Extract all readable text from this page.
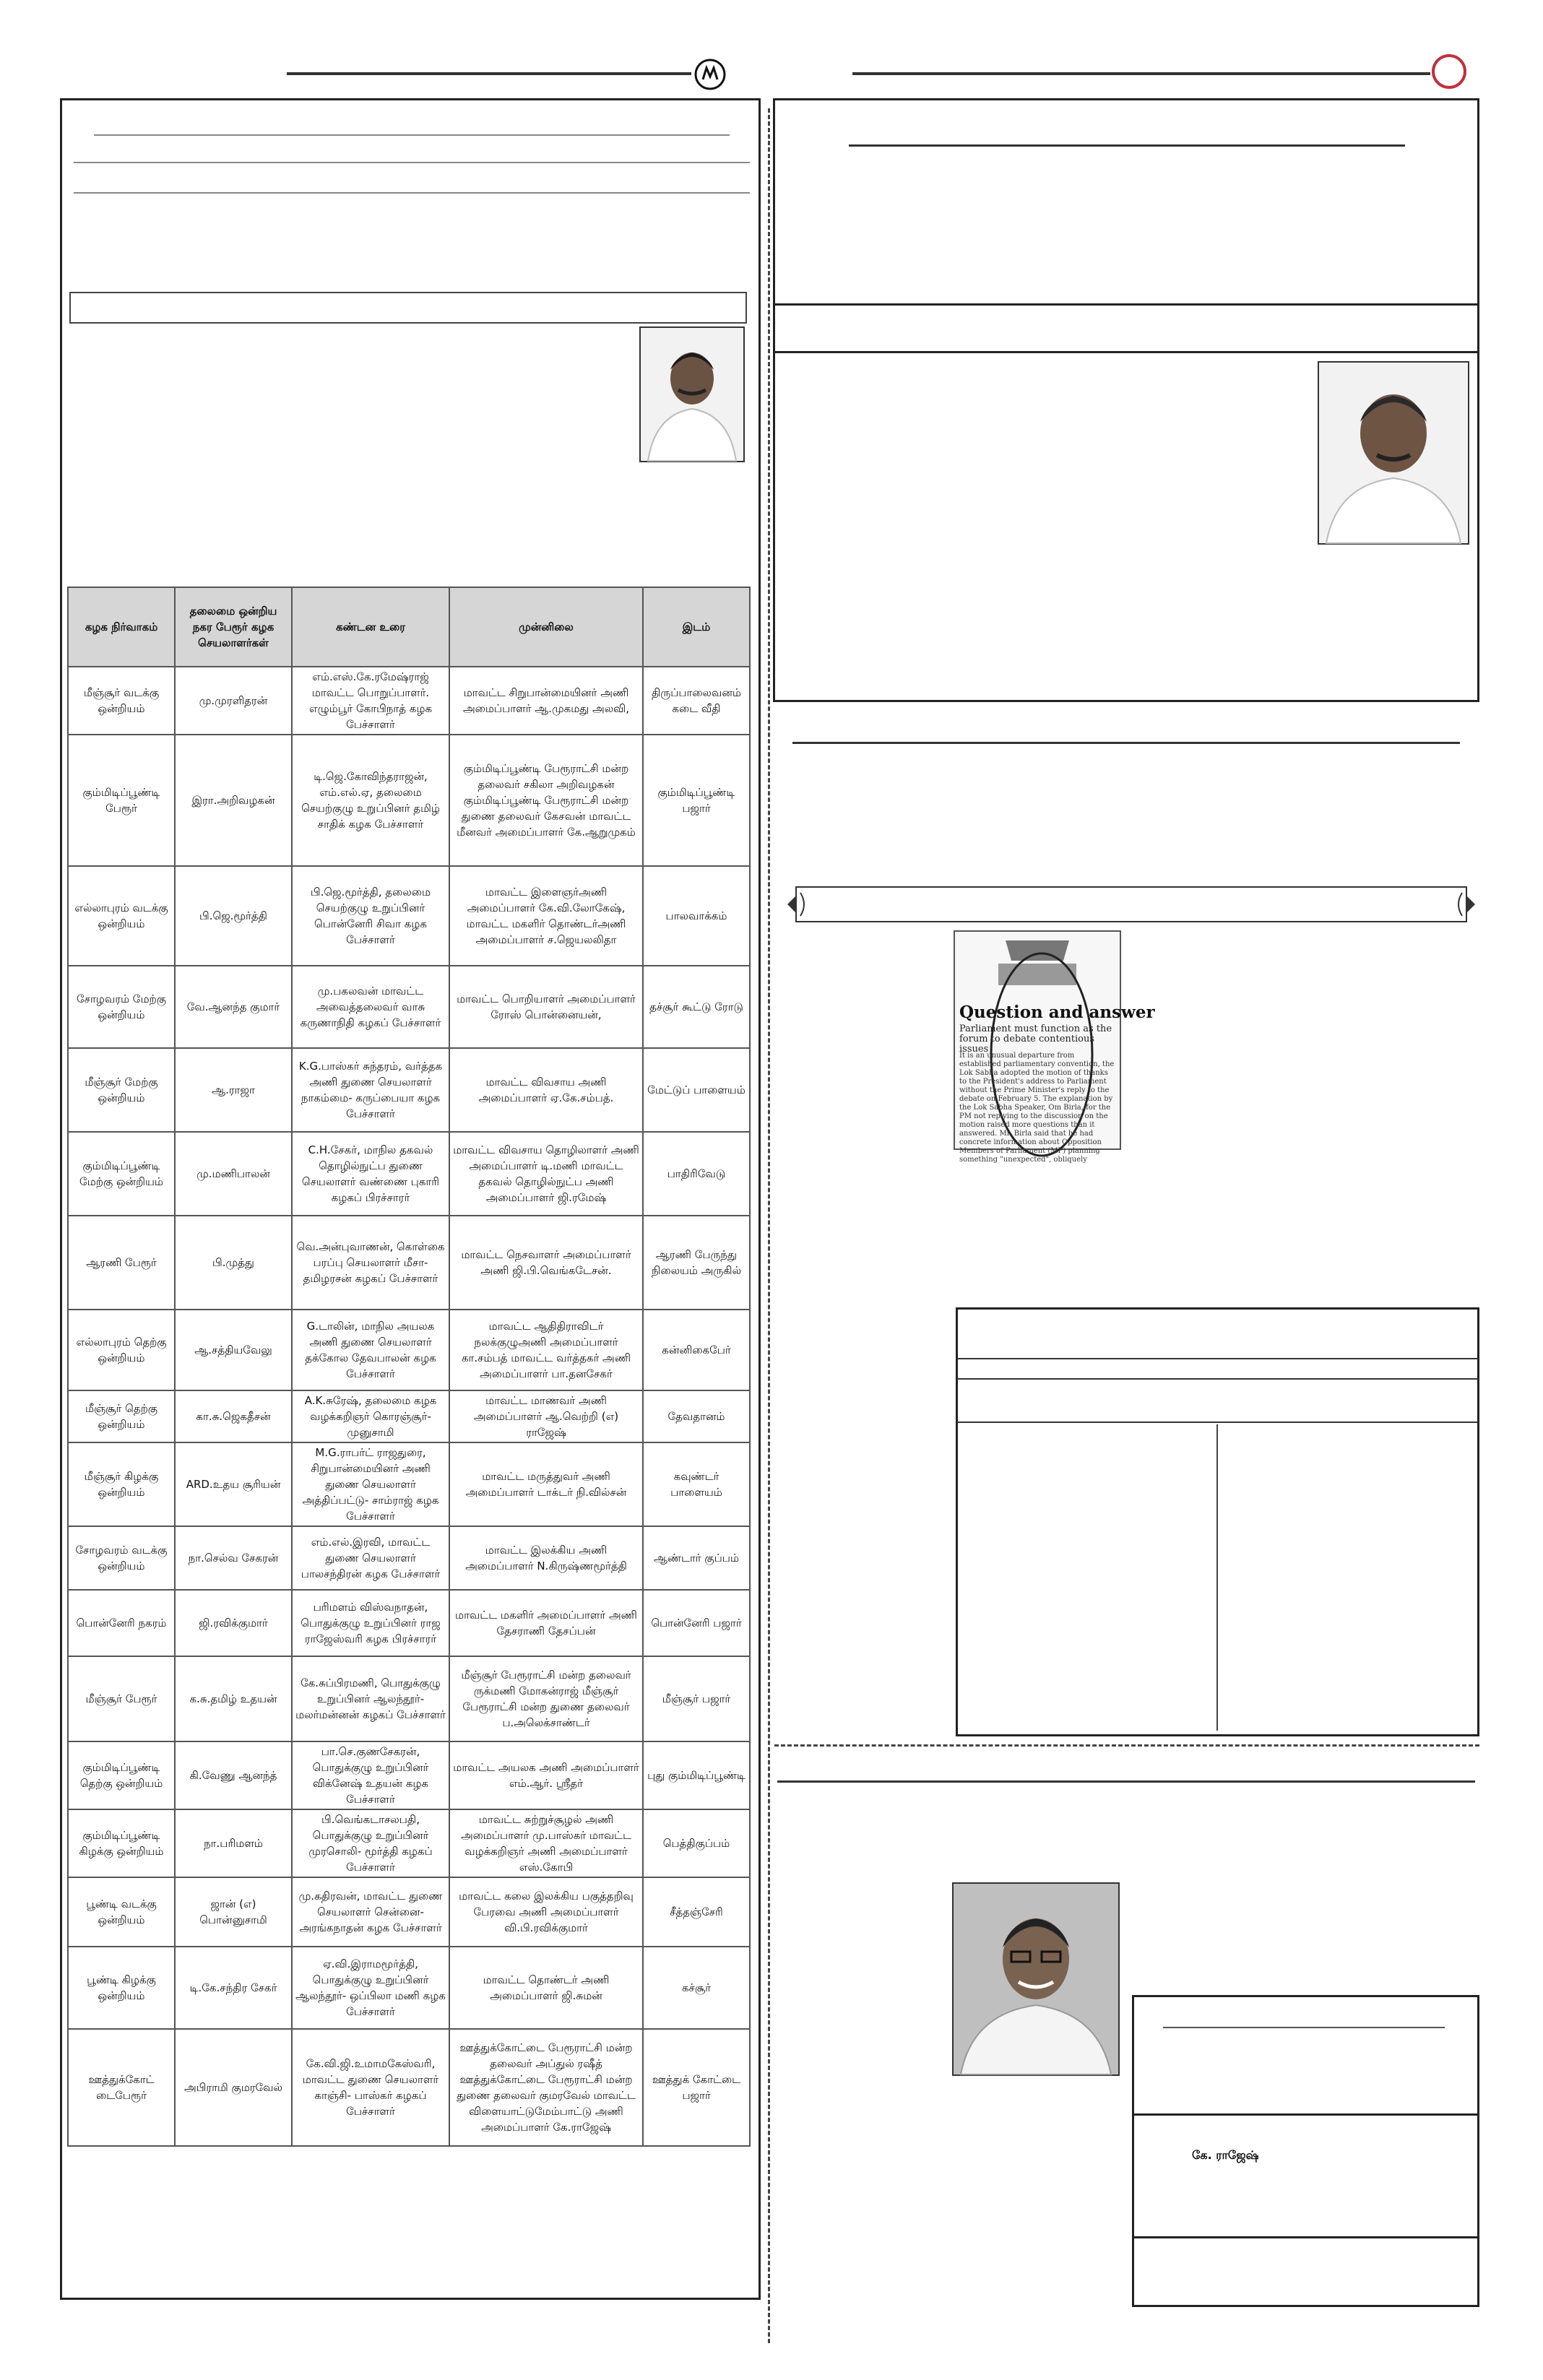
கழக நிர்வாகம்	தலைமை ஒன்றிய நகர பேரூர் கழக செயலாளர்கள்	கண்டன உரை	முன்னிலை	இடம்
மீஞ்சூர் வடக்கு ஒன்றியம்	மு.முரளிதரன்	எம்.எஸ்.கே.ரமேஷ்ராஜ் மாவட்ட பொறுப்பாளர். எழும்பூர் கோபிநாத் கழக பேச்சாளர்	மாவட்ட சிறுபான்மையினர் அணி அமைப்பாளர் ஆ.முகமது அலவி,	திருப்பாலைவனம் கடை வீதி
கும்மிடிப்பூண்டி பேரூர்	இரா.அறிவழகன்	டி.ஜெ.கோவிந்தராஜன், எம்.எல்.ஏ, தலைமை செயற்குழு உறுப்பினர் தமிழ் சாதிக் கழக பேச்சாளர்	கும்மிடிப்பூண்டி பேரூராட்சி மன்ற தலைவர் சகிலா அறிவழகன் கும்மிடிப்பூண்டி பேரூராட்சி மன்ற துணை தலைவர் கேசவன் மாவட்ட மீனவர் அமைப்பாளர் கே.ஆறுமுகம்	கும்மிடிப்பூண்டி பஜார்
எல்லாபுரம் வடக்கு ஒன்றியம்	பி.ஜெ.மூர்த்தி	பி.ஜெ.மூர்த்தி, தலைமை செயற்குழு உறுப்பினர் பொன்னேரி சிவா கழக பேச்சாளர்	மாவட்ட இளைஞர்அணி அமைப்பாளர் கே.வி.லோகேஷ், மாவட்ட மகளிர் தொண்டர்அணி அமைப்பாளர் ச.ஜெயலலிதா	பாலவாக்கம்
சோழவரம் மேற்கு ஒன்றியம்	வே.ஆனந்த குமார்	மு.பகலவன் மாவட்ட அவைத்தலைவர் வாசு கருணாநிதி கழகப் பேச்சாளர்	மாவட்ட பொறியாளர் அமைப்பாளர் ரோஸ் பொன்னையன்,	தச்சூர் கூட்டு ரோடு
மீஞ்சூர் மேற்கு ஒன்றியம்	ஆ.ராஜா	K.G.பாஸ்கர் சுந்தரம், வர்த்தக அணி துணை செயலாளர் நாகம்மை- கருப்பையா கழக பேச்சாளர்	மாவட்ட விவசாய அணி அமைப்பாளர் ஏ.கே.சம்பத்.	மேட்டுப் பாளையம்
கும்மிடிப்பூண்டி மேற்கு ஒன்றியம்	மு.மணிபாலன்	C.H.சேகர், மாநில தகவல் தொழில்நுட்ப துணை செயலாளர் வண்ணை புகாரி கழகப் பிரச்சாரர்	மாவட்ட விவசாய தொழிலாளர் அணி அமைப்பாளர் டி.மணி மாவட்ட தகவல் தொழில்நுட்ப அணி அமைப்பாளர் ஜி.ரமேஷ்	பாதிரிவேடு
ஆரணி பேரூர்	பி.முத்து	வெ.அன்புவாணன், கொள்கை பரப்பு செயலாளர் மீசா- தமிழரசன் கழகப் பேச்சாளர்	மாவட்ட நெசவாளர் அமைப்பாளர் அணி ஜி.பி.வெங்கடேசன்.	ஆரணி பேருந்து நிலையம் அருகில்
எல்லாபுரம் தெற்கு ஒன்றியம்	ஆ.சத்தியவேலு	G.டாலின், மாநில அயலக அணி துணை செயலாளர் தக்கோல தேவபாலன் கழக பேச்சாளர்	மாவட்ட ஆதிதிராவிடர் நலக்குழுஅணி அமைப்பாளர் கா.சம்பத் மாவட்ட வர்த்தகர் அணி அமைப்பாளர் பா.தனசேகர்	கன்னிகைபேர்
மீஞ்சூர் தெற்கு ஒன்றியம்	கா.சு.ஜெகதீசன்	A.K.சுரேஷ், தலைமை கழக வழக்கறிஞர் கொரஞ்சூர்- முனுசாமி	மாவட்ட மாணவர் அணி அமைப்பாளர் ஆ.வெற்றி (எ) ராஜேஷ்	தேவதானம்
மீஞ்சூர் கிழக்கு ஒன்றியம்	ARD.உதய சூரியன்	M.G.ராபர்ட் ராஜதுரை, சிறுபான்மையினர் அணி துணை செயலாளர் அத்திப்பட்டு- சாம்ராஜ் கழக பேச்சாளர்	மாவட்ட மருத்துவர் அணி அமைப்பாளர் டாக்டர் நி.வில்சன்	கவுண்டர் பாளையம்
சோழவரம் வடக்கு ஒன்றியம்	நா.செல்வ சேகரன்	எம்.எல்.இரவி, மாவட்ட துணை செயலாளர் பாலசந்திரன் கழக பேச்சாளர்	மாவட்ட இலக்கிய அணி அமைப்பாளர் N.கிருஷ்ணமூர்த்தி	ஆண்டார் குப்பம்
பொன்னேரி நகரம்	ஜி.ரவிக்குமார்	பரிமளம் விஸ்வநாதன், பொதுக்குழு உறுப்பினர் ராஜ ராஜேஸ்வரி கழக பிரச்சாரர்	மாவட்ட மகளிர் அமைப்பாளர் அணி தேசராணி தேசப்பன்	பொன்னேரி பஜார்
மீஞ்சூர் பேரூர்	க.சு.தமிழ் உதயன்	கே.சுப்பிரமணி, பொதுக்குழு உறுப்பினர் ஆலந்தூர்- மலர்மன்னன் கழகப் பேச்சாளர்	மீஞ்சூர் பேரூராட்சி மன்ற தலைவர் ருக்மணி மோகன்ராஜ் மீஞ்சூர் பேரூராட்சி மன்ற துணை தலைவர் ப.அலெக்சாண்டர்	மீஞ்சூர் பஜார்
கும்மிடிப்பூண்டி தெற்கு ஒன்றியம்	கி.வேணு ஆனந்த்	பா.செ.குணசேகரன், பொதுக்குழு உறுப்பினர் விக்னேஷ் உதயன் கழக பேச்சாளர்	மாவட்ட அயலக அணி அமைப்பாளர் எம்.ஆர். ஸ்ரீதர்	புது கும்மிடிப்பூண்டி
கும்மிடிப்பூண்டி கிழக்கு ஒன்றியம்	நா.பரிமளம்	பி.வெங்கடாசலபதி, பொதுக்குழு உறுப்பினர் முரசொலி- மூர்த்தி கழகப் பேச்சாளர்	மாவட்ட சுற்றுச்சூழல் அணி அமைப்பாளர் மு.பாஸ்கர் மாவட்ட வழக்கறிஞர் அணி அமைப்பாளர் எஸ்.கோபி	பெத்திகுப்பம்
பூண்டி வடக்கு ஒன்றியம்	ஜான் (எ) பொன்னுசாமி	மு.கதிரவன், மாவட்ட துணை செயலாளர் சென்னை- அரங்கநாதன் கழக பேச்சாளர்	மாவட்ட கலை இலக்கிய பகுத்தறிவு பேரவை அணி அமைப்பாளர் வி.பி.ரவிக்குமார்	சீத்தஞ்சேரி
பூண்டி கிழக்கு ஒன்றியம்	டி.கே.சந்திர சேகர்	ஏ.வி.இராமமூர்த்தி, பொதுக்குழு உறுப்பினர் ஆலந்தூர்- ஒப்பிலா மணி கழக பேச்சாளர்	மாவட்ட தொண்டர் அணி அமைப்பாளர் ஜி.சுமன்	கச்சூர்
ஊத்துக்கோட் டைபேரூர்	அபிராமி குமரவேல்	கே.வி.ஜி.உமாமகேஸ்வரி, மாவட்ட துணை செயலாளர் காஞ்சி- பாஸ்கர் கழகப் பேச்சாளர்	ஊத்துக்கோட்டை பேரூராட்சி மன்ற தலைவர் அப்துல் ரஷீத் ஊத்துக்கோட்டை பேரூராட்சி மன்ற துணை தலைவர் குமரவேல் மாவட்ட விளையாட்டுமேம்பாட்டு அணி அமைப்பாளர் கே.ராஜேஷ்	ஊத்துக் கோட்டை பஜார்
Question and answer
Parliament must function as the forum to debate contentious issues
It is an unusual departure from established parliamentary convention, the Lok Sabha adopted the motion of thanks to the President's address to Parliament without the Prime Minister's reply to the debate on February 5. The explanation by the Lok Sabha Speaker, Om Birla, for the PM not replying to the discussion on the motion raised more questions than it answered. Mr. Birla said that he had concrete information about Opposition Members of Parliament (MP) planning something "unexpected", obliquely
கே. ராஜேஷ்
